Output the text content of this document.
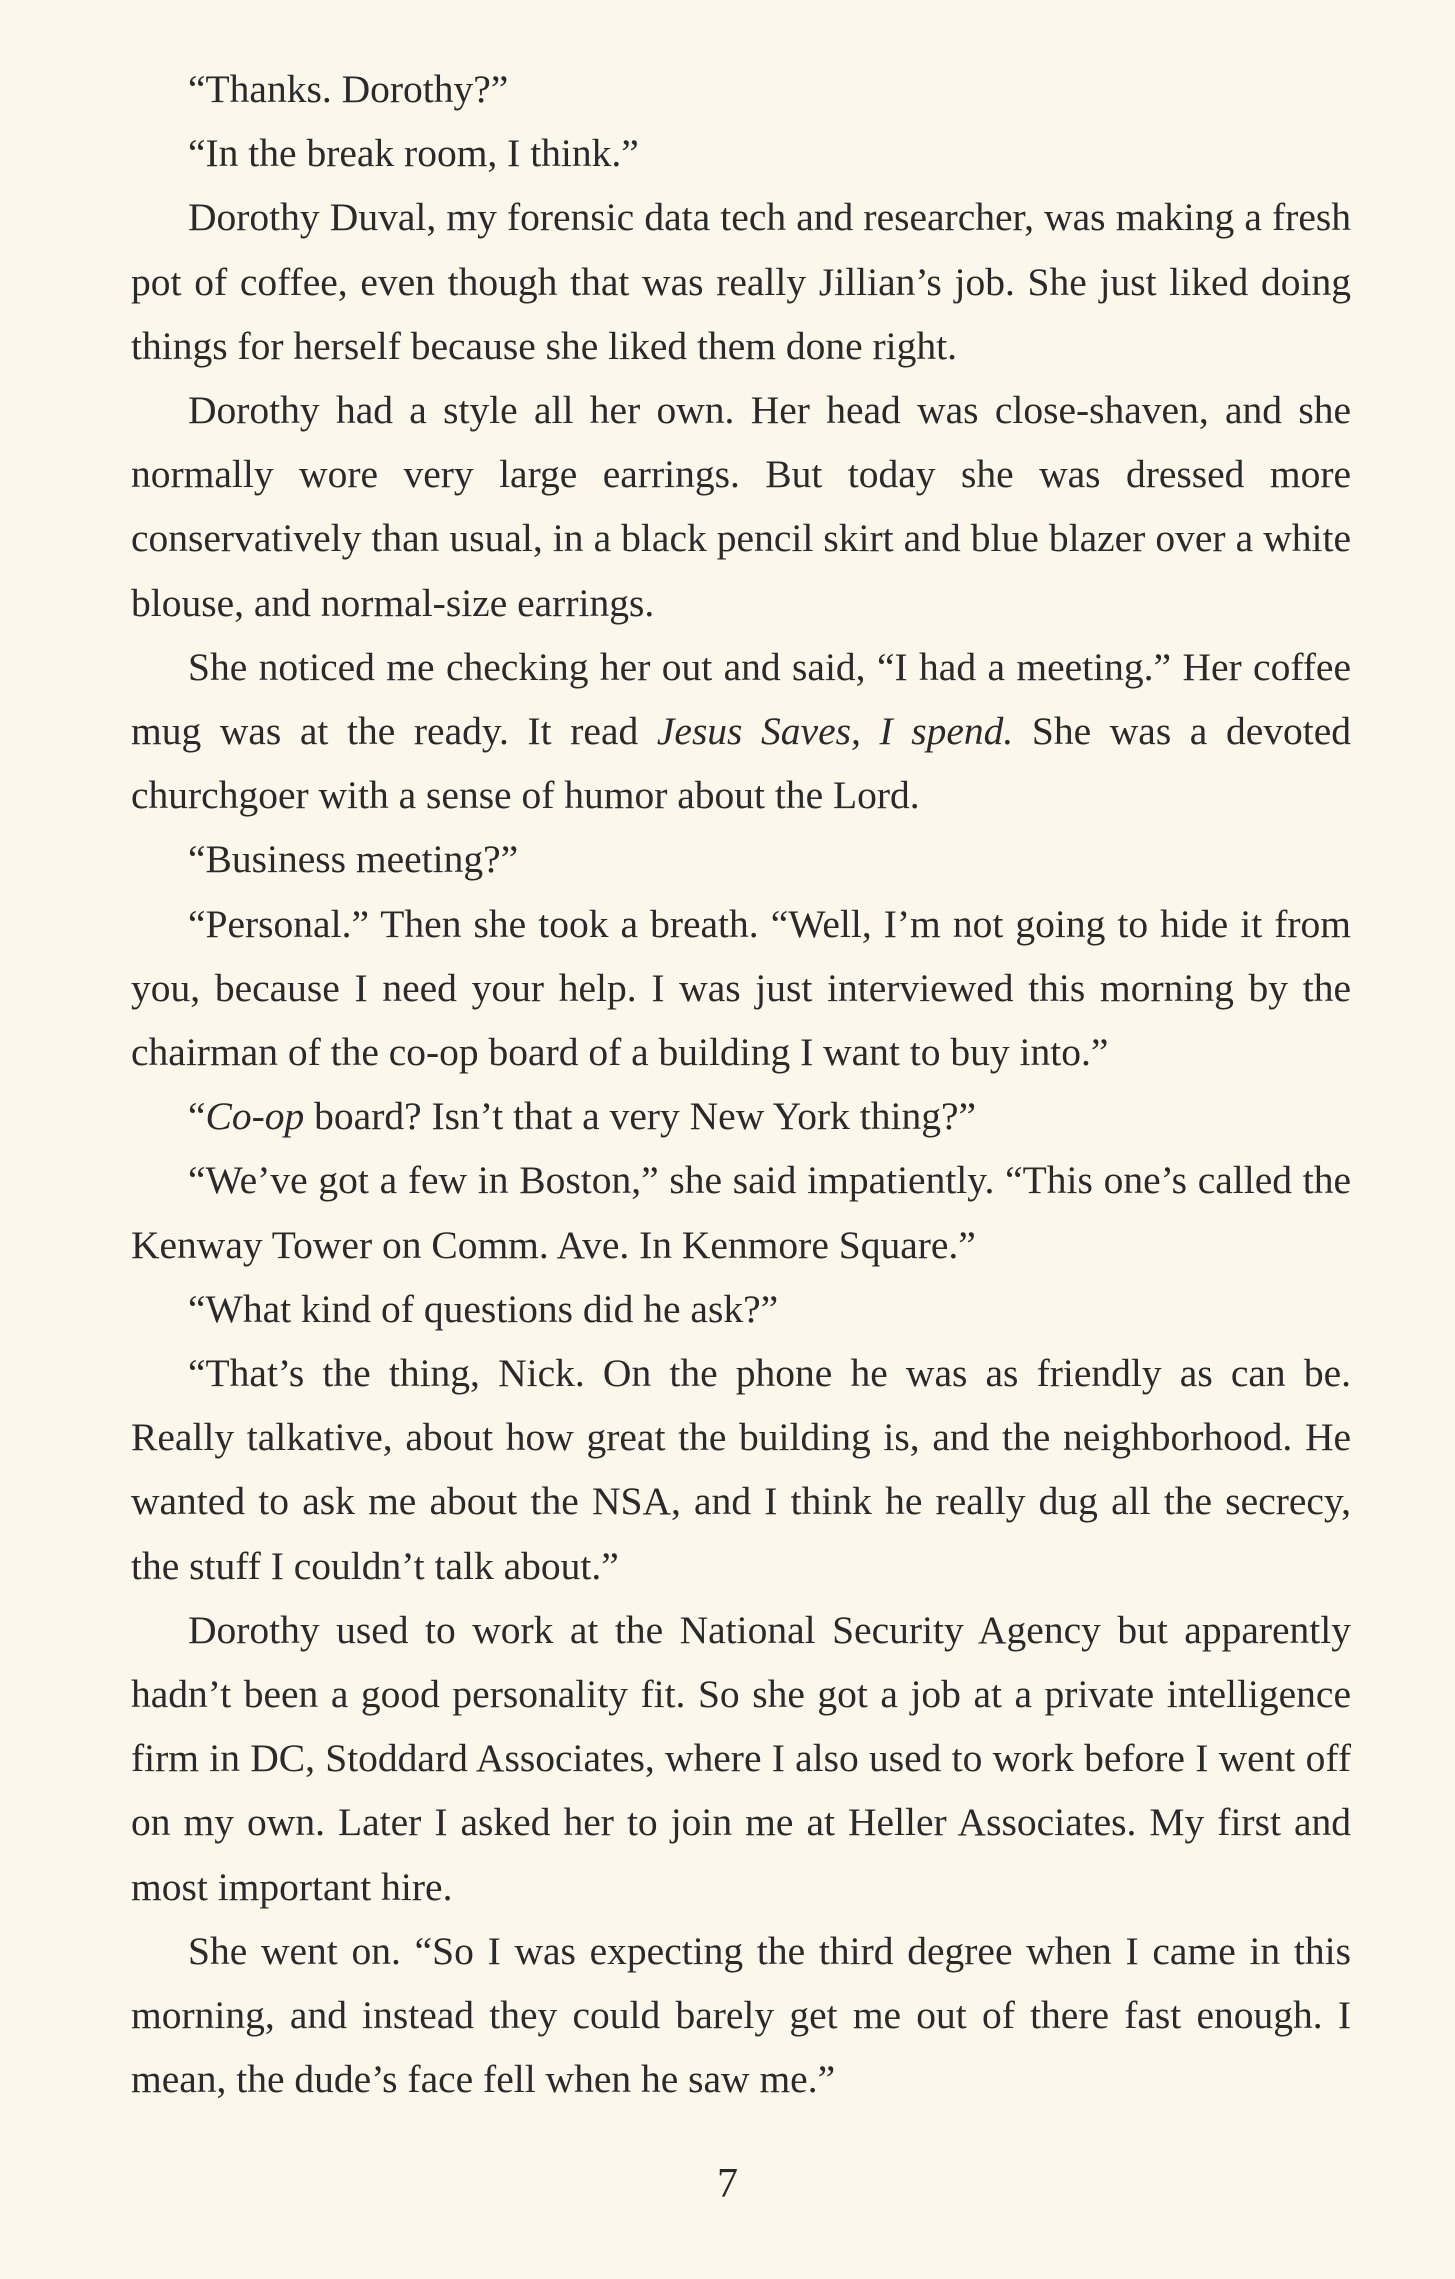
“Thanks. Dorothy?”

“In the break room, I think.”

Dorothy Duval, my forensic data tech and researcher, was making a fresh pot of coffee, even though that was really Jillian’s job. She just liked doing things for herself because she liked them done right.

Dorothy had a style all her own. Her head was close-shaven, and she normally wore very large earrings. But today she was dressed more conservatively than usual, in a black pencil skirt and blue blazer over a white blouse, and normal-size earrings.

She noticed me checking her out and said, “I had a meeting.” Her coffee mug was at the ready. It read Jesus Saves, I spend. She was a devoted churchgoer with a sense of humor about the Lord.

“Business meeting?”

“Personal.” Then she took a breath. “Well, I’m not going to hide it from you, because I need your help. I was just interviewed this morning by the chairman of the co-op board of a building I want to buy into.”

“Co-op board? Isn’t that a very New York thing?”

“We’ve got a few in Boston,” she said impatiently. “This one’s called the Kenway Tower on Comm. Ave. In Kenmore Square.”

“What kind of questions did he ask?”

“That’s the thing, Nick. On the phone he was as friendly as can be. Really talkative, about how great the building is, and the neighborhood. He wanted to ask me about the NSA, and I think he really dug all the secrecy, the stuff I couldn’t talk about.”

Dorothy used to work at the National Security Agency but apparently hadn’t been a good personality fit. So she got a job at a private intelligence firm in DC, Stoddard Associates, where I also used to work before I went off on my own. Later I asked her to join me at Heller Associates. My first and most important hire.

She went on. “So I was expecting the third degree when I came in this morning, and instead they could barely get me out of there fast enough. I mean, the dude’s face fell when he saw me.”

7
